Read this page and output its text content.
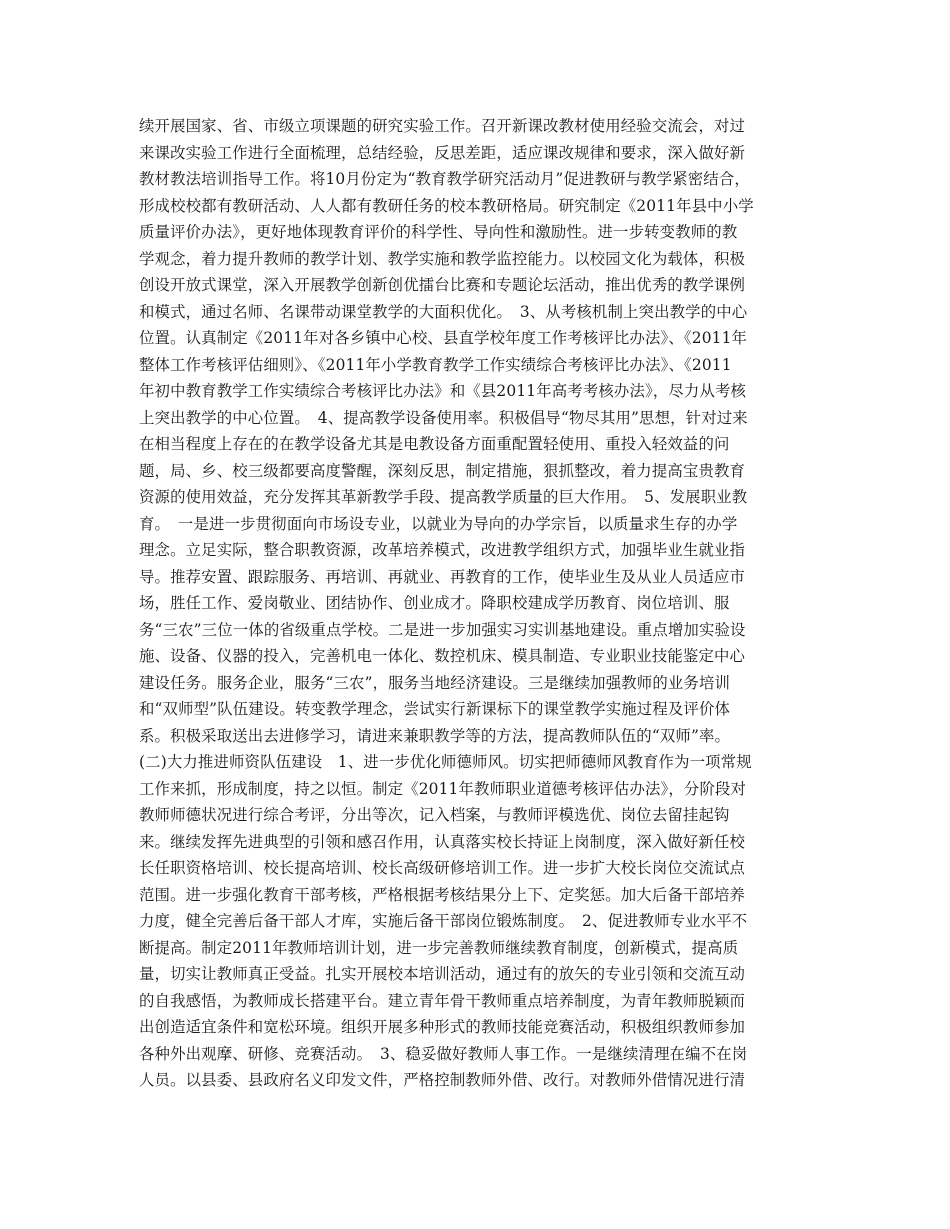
续开展国家、省、市级立项课题的研究实验工作。召开新课改教材使用经验交流会，对过
来课改实验工作进行全面梳理，总结经验，反思差距，适应课改规律和要求，深入做好新
教材教法培训指导工作。将10月份定为“教育教学研究活动月”促进教研与教学紧密结合，
形成校校都有教研活动、人人都有教研任务的校本教研格局。研究制定《2011年县中小学
质量评价办法》，更好地体现教育评价的科学性、导向性和激励性。进一步转变教师的教
学观念，着力提升教师的教学计划、教学实施和教学监控能力。以校园文化为载体，积极
创设开放式课堂，深入开展教学创新创优擂台比赛和专题论坛活动，推出优秀的教学课例
和模式，通过名师、名课带动课堂教学的大面积优化。　3、从考核机制上突出教学的中心
位置。认真制定《2011年对各乡镇中心校、县直学校年度工作考核评比办法》、《2011年
整体工作考核评估细则》、《2011年小学教育教学工作实绩综合考核评比办法》、《2011
年初中教育教学工作实绩综合考核评比办法》和《县2011年高考考核办法》，尽力从考核
上突出教学的中心位置。　4、提高教学设备使用率。积极倡导“物尽其用”思想，针对过来
在相当程度上存在的在教学设备尤其是电教设备方面重配置轻使用、重投入轻效益的问
题，局、乡、校三级都要高度警醒，深刻反思，制定措施，狠抓整改，着力提高宝贵教育
资源的使用效益，充分发挥其革新教学手段、提高教学质量的巨大作用。　5、发展职业教
育。　一是进一步贯彻面向市场设专业，以就业为导向的办学宗旨，以质量求生存的办学
理念。立足实际，整合职教资源，改革培养模式，改进教学组织方式，加强毕业生就业指
导。推荐安置、跟踪服务、再培训、再就业、再教育的工作，使毕业生及从业人员适应市
场，胜任工作、爱岗敬业、团结协作、创业成才。降职校建成学历教育、岗位培训、服
务“三农”三位一体的省级重点学校。二是进一步加强实习实训基地建设。重点增加实验设
施、设备、仪器的投入，完善机电一体化、数控机床、模具制造、专业职业技能鉴定中心
建设任务。服务企业，服务“三农”，服务当地经济建设。三是继续加强教师的业务培训
和“双师型”队伍建设。转变教学理念，尝试实行新课标下的课堂教学实施过程及评价体
系。积极采取送出去进修学习，请进来兼职教学等的方法，提高教师队伍的“双师”率。
(二)大力推进师资队伍建设　1、进一步优化师德师风。切实把师德师风教育作为一项常规
工作来抓，形成制度，持之以恒。制定《2011年教师职业道德考核评估办法》，分阶段对
教师师德状况进行综合考评，分出等次，记入档案，与教师评模选优、岗位去留挂起钩
来。继续发挥先进典型的引领和感召作用，认真落实校长持证上岗制度，深入做好新任校
长任职资格培训、校长提高培训、校长高级研修培训工作。进一步扩大校长岗位交流试点
范围。进一步强化教育干部考核，严格根据考核结果分上下、定奖惩。加大后备干部培养
力度，健全完善后备干部人才库，实施后备干部岗位锻炼制度。　2、促进教师专业水平不
断提高。制定2011年教师培训计划，进一步完善教师继续教育制度，创新模式，提高质
量，切实让教师真正受益。扎实开展校本培训活动，通过有的放矢的专业引领和交流互动
的自我感悟，为教师成长搭建平台。建立青年骨干教师重点培养制度，为青年教师脱颖而
出创造适宜条件和宽松环境。组织开展多种形式的教师技能竞赛活动，积极组织教师参加
各种外出观摩、研修、竞赛活动。　3、稳妥做好教师人事工作。一是继续清理在编不在岗
人员。以县委、县政府名义印发文件，严格控制教师外借、改行。对教师外借情况进行清
